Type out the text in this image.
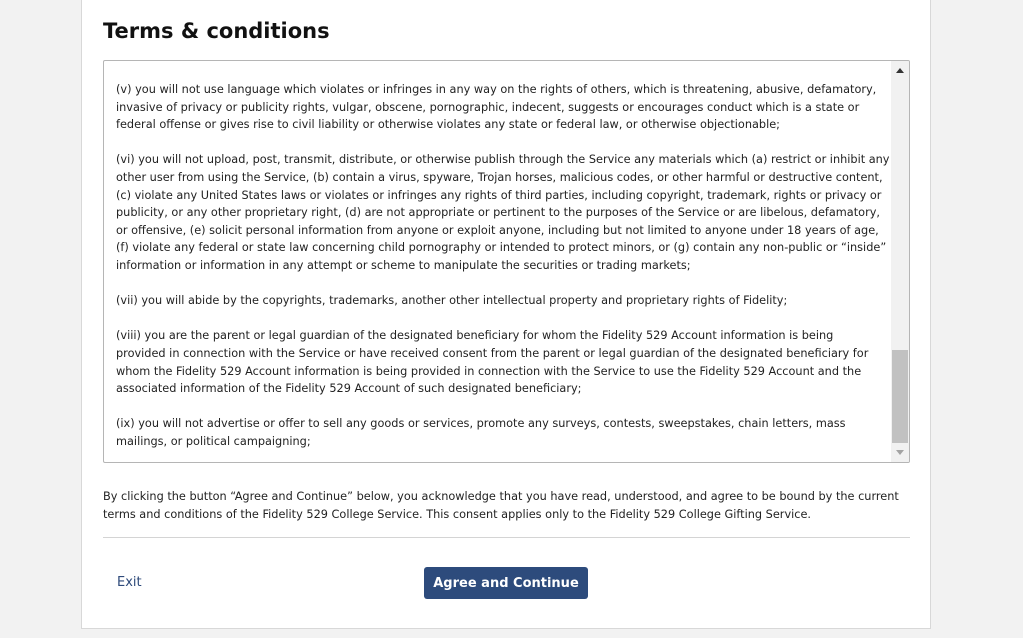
Terms & conditions

(v) you will not use language which violates or infringes in any way on the rights of others, which is threatening, abusive, defamatory,
invasive of privacy or publicity rights, vulgar, obscene, pornographic, indecent, suggests or encourages conduct which is a state or
federal offense or gives rise to civil liability or otherwise violates any state or federal law, or otherwise objectionable;

(vi) you will not upload, post, transmit, distribute, or otherwise publish through the Service any materials which (a) restrict or inhibit any
other user from using the Service, (b) contain a virus, spyware, Trojan horses, malicious codes, or other harmful or destructive content,
(c) violate any United States laws or violates or infringes any rights of third parties, including copyright, trademark, rights or privacy or
publicity, or any other proprietary right, (d) are not appropriate or pertinent to the purposes of the Service or are libelous, defamatory,
or offensive, (e) solicit personal information from anyone or exploit anyone, including but not limited to anyone under 18 years of age,
(f) violate any federal or state law concerning child pornography or intended to protect minors, or (g) contain any non-public or “inside”
information or information in any attempt or scheme to manipulate the securities or trading markets;

(vii) you will abide by the copyrights, trademarks, another other intellectual property and proprietary rights of Fidelity;

(viii) you are the parent or legal guardian of the designated beneficiary for whom the Fidelity 529 Account information is being
provided in connection with the Service or have received consent from the parent or legal guardian of the designated beneficiary for
whom the Fidelity 529 Account information is being provided in connection with the Service to use the Fidelity 529 Account and the
associated information of the Fidelity 529 Account of such designated beneficiary;

(ix) you will not advertise or offer to sell any goods or services, promote any surveys, contests, sweepstakes, chain letters, mass
mailings, or political campaigning;

By clicking the button “Agree and Continue” below, you acknowledge that you have read, understood, and agree to be bound by the current
terms and conditions of the Fidelity 529 College Service. This consent applies only to the Fidelity 529 College Gifting Service.

Exit	Agree and Continue
